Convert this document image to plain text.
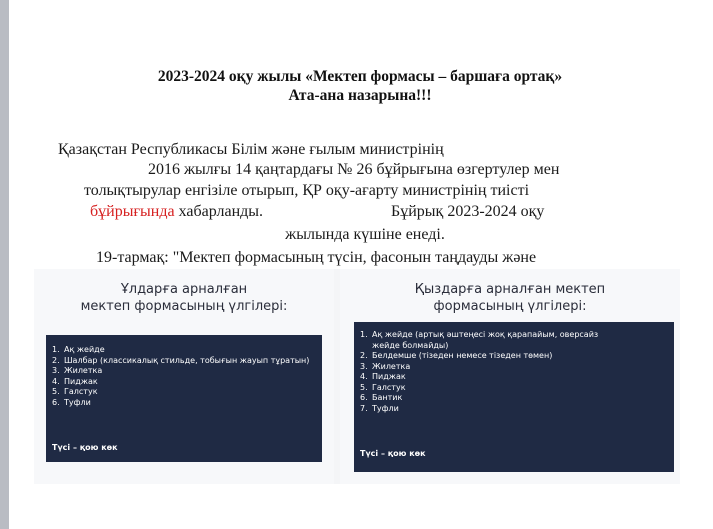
2023-2024 оқу жылы «Мектеп формасы – баршаға ортақ»
Ата-ана назарына!!!
Қазақстан Республикасы Білім және ғылым министрінің
2016 жылғы 14 қаңтардағы № 26 бұйрығына өзгертулер мен
толықтырулар енгізіле отырып, ҚР оқу-ағарту министрінің тиісті
бұйрығында хабарланды.	Бұйрық 2023-2024 оқу
жылында күшіне енеді.
19-тармақ: "Мектеп формасының түсін, фасонын таңдауды және
Ұлдарға арналған
мектеп формасының үлгілері:
1. Ақ жейде
2. Шалбар (классикалық стильде, тобығын жауып тұратын)
3. Жилетка
4. Пиджак
5. Галстук
6. Туфли
Түсі – қою көк
Қыздарға арналған мектеп
формасының үлгілері:
1. Ақ жейде (артық әштеңесі жоқ қарапайым, оверсайз
жейде болмайды)
2. Белдемше (тізеден немесе тізеден төмен)
3. Жилетка
4. Пиджак
5. Галстук
6. Бантик
7. Туфли
Түсі – қою көк
